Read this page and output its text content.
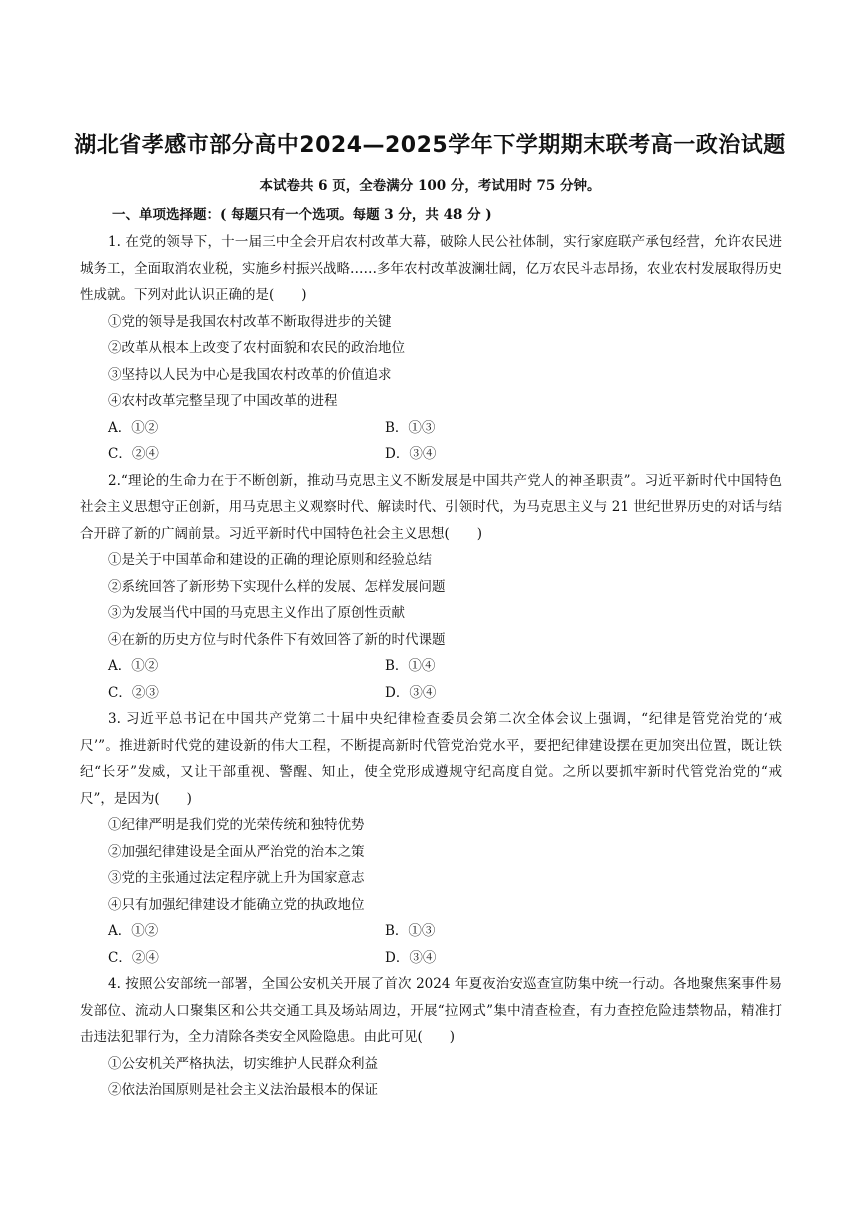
湖北省孝感市部分高中2024—2025学年下学期期末联考高一政治试题
本试卷共 6 页，全卷满分 100 分，考试用时 75 分钟。
一、单项选择题：( 每题只有一个选项。每题 3 分，共 48 分 )

1. 在党的领导下，十一届三中全会开启农村改革大幕，破除人民公社体制，实行家庭联产承包经营，允许农民进城务工，全面取消农业税，实施乡村振兴战略……多年农村改革波澜壮阔，亿万农民斗志昂扬，农业农村发展取得历史性成就。下列对此认识正确的是(　　)

①党的领导是我国农村改革不断取得进步的关键

②改革从根本上改变了农村面貌和农民的政治地位

③坚持以人民为中心是我国农村改革的价值追求

④农村改革完整呈现了中国改革的进程

A．①②	B．①③
C．②④	D．③④

2.“理论的生命力在于不断创新，推动马克思主义不断发展是中国共产党人的神圣职责”。习近平新时代中国特色社会主义思想守正创新，用马克思主义观察时代、解读时代、引领时代，为马克思主义与 21 世纪世界历史的对话与结合开辟了新的广阔前景。习近平新时代中国特色社会主义思想(　　)

①是关于中国革命和建设的正确的理论原则和经验总结

②系统回答了新形势下实现什么样的发展、怎样发展问题

③为发展当代中国的马克思主义作出了原创性贡献

④在新的历史方位与时代条件下有效回答了新的时代课题

A．①②	B．①④
C．②③	D．③④

3. 习近平总书记在中国共产党第二十届中央纪律检查委员会第二次全体会议上强调，“纪律是管党治党的‘戒尺’”。推进新时代党的建设新的伟大工程，不断提高新时代管党治党水平，要把纪律建设摆在更加突出位置，既让铁纪“长牙”发威，又让干部重视、警醒、知止，使全党形成遵规守纪高度自觉。之所以要抓牢新时代管党治党的“戒尺”，是因为(　　)

①纪律严明是我们党的光荣传统和独特优势

②加强纪律建设是全面从严治党的治本之策

③党的主张通过法定程序就上升为国家意志

④只有加强纪律建设才能确立党的执政地位

A．①②	B．①③
C．②④	D．③④

4. 按照公安部统一部署，全国公安机关开展了首次 2024 年夏夜治安巡查宣防集中统一行动。各地聚焦案事件易发部位、流动人口聚集区和公共交通工具及场站周边，开展“拉网式”集中清查检查，有力查控危险违禁物品，精准打击违法犯罪行为，全力清除各类安全风险隐患。由此可见(　　)

①公安机关严格执法，切实维护人民群众利益

②依法治国原则是社会主义法治最根本的保证
